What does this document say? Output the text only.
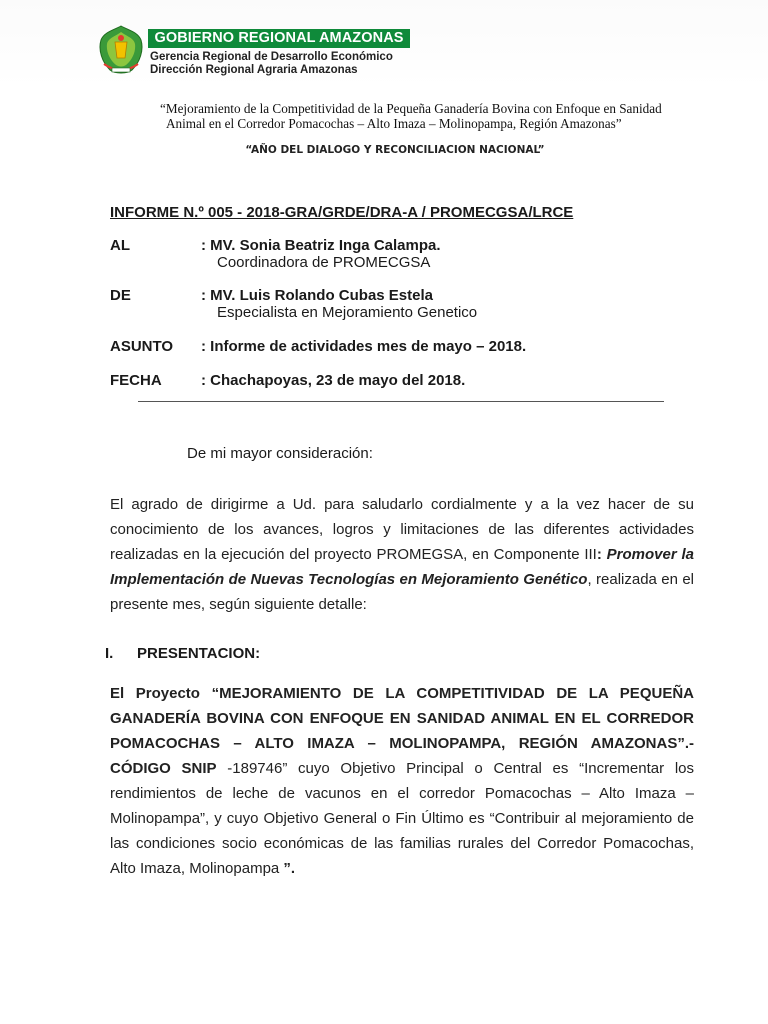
GOBIERNO REGIONAL AMAZONAS
Gerencia Regional de Desarrollo Económico
Dirección Regional Agraria Amazonas
“Mejoramiento de la Competitividad de la Pequeña Ganadería Bovina con Enfoque en Sanidad
Animal en el Corredor Pomacochas – Alto Imaza – Molinopampa, Región Amazonas”
“AÑO DEL DIALOGO Y RECONCILIACION NACIONAL”
INFORME N.º 005 - 2018-GRA/GRDE/DRA-A / PROMECGSA/LRCE
AL	: MV. Sonia Beatriz Inga Calampa.
Coordinadora de PROMECGSA
DE	: MV. Luis Rolando Cubas Estela
Especialista en Mejoramiento Genetico
ASUNTO : Informe de actividades mes de mayo – 2018.
FECHA	: Chachapoyas, 23 de mayo del 2018.
De mi mayor consideración:
El agrado de dirigirme a Ud. para saludarlo cordialmente y a la vez hacer de su conocimiento de los avances, logros y limitaciones de las diferentes actividades realizadas en la ejecución del proyecto PROMEGSA, en Componente III: Promover la Implementación de Nuevas Tecnologías en Mejoramiento Genético, realizada en el presente mes, según siguiente detalle:
I. PRESENTACION:
El Proyecto “MEJORAMIENTO DE LA COMPETITIVIDAD DE LA PEQUEÑA GANADERÍA BOVINA CON ENFOQUE EN SANIDAD ANIMAL EN EL CORREDOR POMACOCHAS – ALTO IMAZA – MOLINOPAMPA, REGIÓN AMAZONAS”.- CÓDIGO SNIP -189746” cuyo Objetivo Principal o Central es “Incrementar los rendimientos de leche de vacunos en el corredor Pomacochas – Alto Imaza – Molinopampa”, y cuyo Objetivo General o Fin Último es “Contribuir al mejoramiento de las condiciones socio económicas de las familias rurales del Corredor Pomacochas, Alto Imaza, Molinopampa ”.
